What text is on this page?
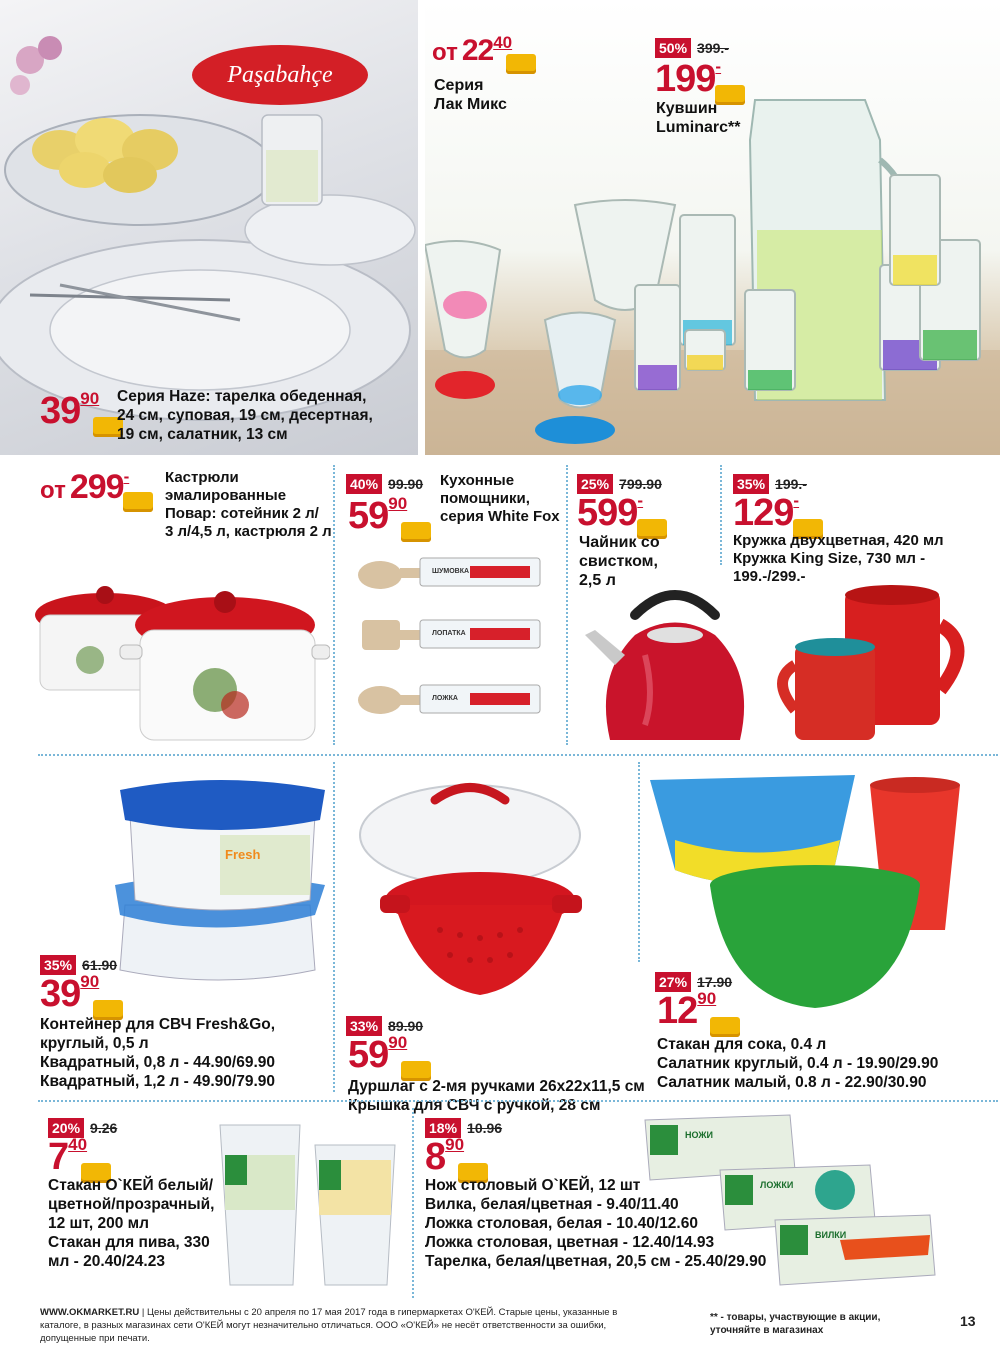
Paşabahçe
3990	Серия Haze: тарелка обеденная,
24 см, суповая, 19 см, десертная,
19 см, салатник, 13 см
от 2240
Серия
Лак Микс
50% 399.-
199-
Кувшин
Luminarc**
от 299-	Кастрюли
эмалированные
Повар: сотейник 2 л/
3 л/4,5 л, кастрюля 2 л
40% 99.90
5990
Кухонные
помощники,
серия White Fox
ШУМОВКА
ЛОПАТКА
ЛОЖКА
25% 799.90
599-
Чайник со
свистком,
2,5 л
35% 199.-
129-
Кружка двухцветная, 420 мл
Кружка King Size, 730 мл -
199.-/299.-
Fresh
35% 61.90
3990
Контейнер для СВЧ Fresh&Go,
круглый, 0,5 л
Квадратный, 0,8 л - 44.90/69.90
Квадратный, 1,2 л - 49.90/79.90
33% 89.90
5990
Дуршлаг с 2-мя ручками 26х22х11,5 см
Крышка для СВЧ с ручкой, 28 см
27% 17.90
1290
Стакан для сока, 0.4 л
Салатник круглый, 0.4 л - 19.90/29.90
Салатник малый, 0.8 л - 22.90/30.90
20% 9.26
740
Стакан О`КЕЙ белый/
цветной/прозрачный,
12 шт, 200 мл
Стакан для пива, 330
мл - 20.40/24.23
18% 10.96
890
Нож столовый О`КЕЙ, 12 шт
Вилка, белая/цветная - 9.40/11.40
Ложка столовая, белая - 10.40/12.60
Ложка столовая, цветная - 12.40/14.93
Тарелка, белая/цветная, 20,5 см - 25.40/29.90
НОЖИ
ЛОЖКИ
ВИЛКИ
WWW.OKMARKET.RU | Цены действительны с 20 апреля по 17 мая 2017 года в гипермаркетах О'КЕЙ. Старые цены, указанные в каталоге, в разных магазинах сети О'КЕЙ могут незначительно отличаться. ООО «О'КЕЙ» не несёт ответственности за ошибки, допущенные при печати.
** - товары, участвующие в акции, уточняйте в магазинах
13
